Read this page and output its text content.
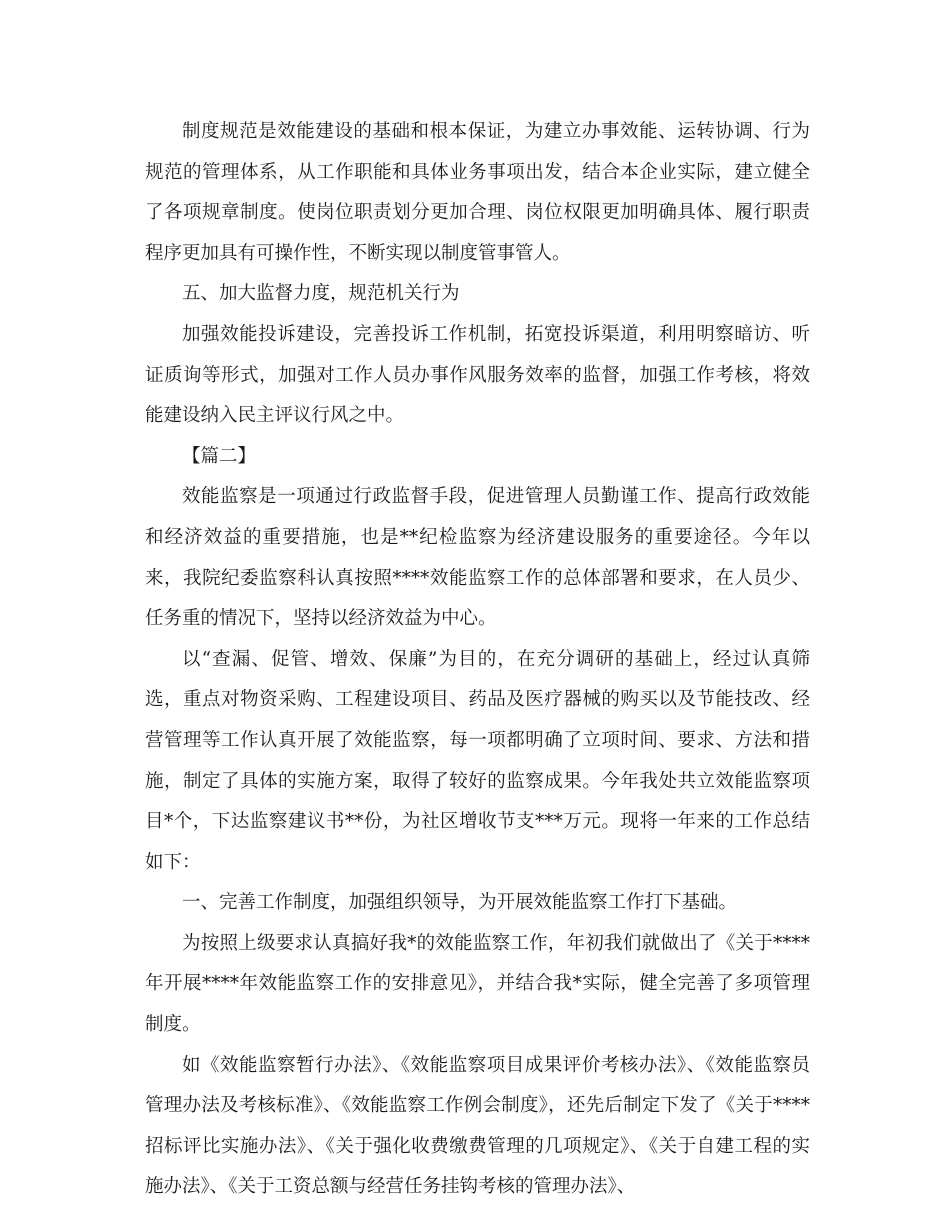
制度规范是效能建设的基础和根本保证，为建立办事效能、运转协调、行为规范的管理体系，从工作职能和具体业务事项出发，结合本企业实际，建立健全了各项规章制度。使岗位职责划分更加合理、岗位权限更加明确具体、履行职责程序更加具有可操作性，不断实现以制度管事管人。

五、加大监督力度，规范机关行为

加强效能投诉建设，完善投诉工作机制，拓宽投诉渠道，利用明察暗访、听证质询等形式，加强对工作人员办事作风服务效率的监督，加强工作考核，将效能建设纳入民主评议行风之中。

【篇二】

效能监察是一项通过行政监督手段，促进管理人员勤谨工作、提高行政效能和经济效益的重要措施，也是**纪检监察为经济建设服务的重要途径。今年以来，我院纪委监察科认真按照****效能监察工作的总体部署和要求，在人员少、任务重的情况下，坚持以经济效益为中心。

以“查漏、促管、增效、保廉”为目的，在充分调研的基础上，经过认真筛选，重点对物资采购、工程建设项目、药品及医疗器械的购买以及节能技改、经营管理等工作认真开展了效能监察，每一项都明确了立项时间、要求、方法和措施，制定了具体的实施方案，取得了较好的监察成果。今年我处共立效能监察项目*个，下达监察建议书**份，为社区增收节支***万元。现将一年来的工作总结如下：

一、完善工作制度，加强组织领导，为开展效能监察工作打下基础。

为按照上级要求认真搞好我*的效能监察工作，年初我们就做出了《关于****年开展****年效能监察工作的安排意见》，并结合我*实际，健全完善了多项管理制度。

如《效能监察暂行办法》、《效能监察项目成果评价考核办法》、《效能监察员管理办法及考核标准》、《效能监察工作例会制度》，还先后制定下发了《关于****招标评比实施办法》、《关于强化收费缴费管理的几项规定》、《关于自建工程的实施办法》、《关于工资总额与经营任务挂钩考核的管理办法》、
